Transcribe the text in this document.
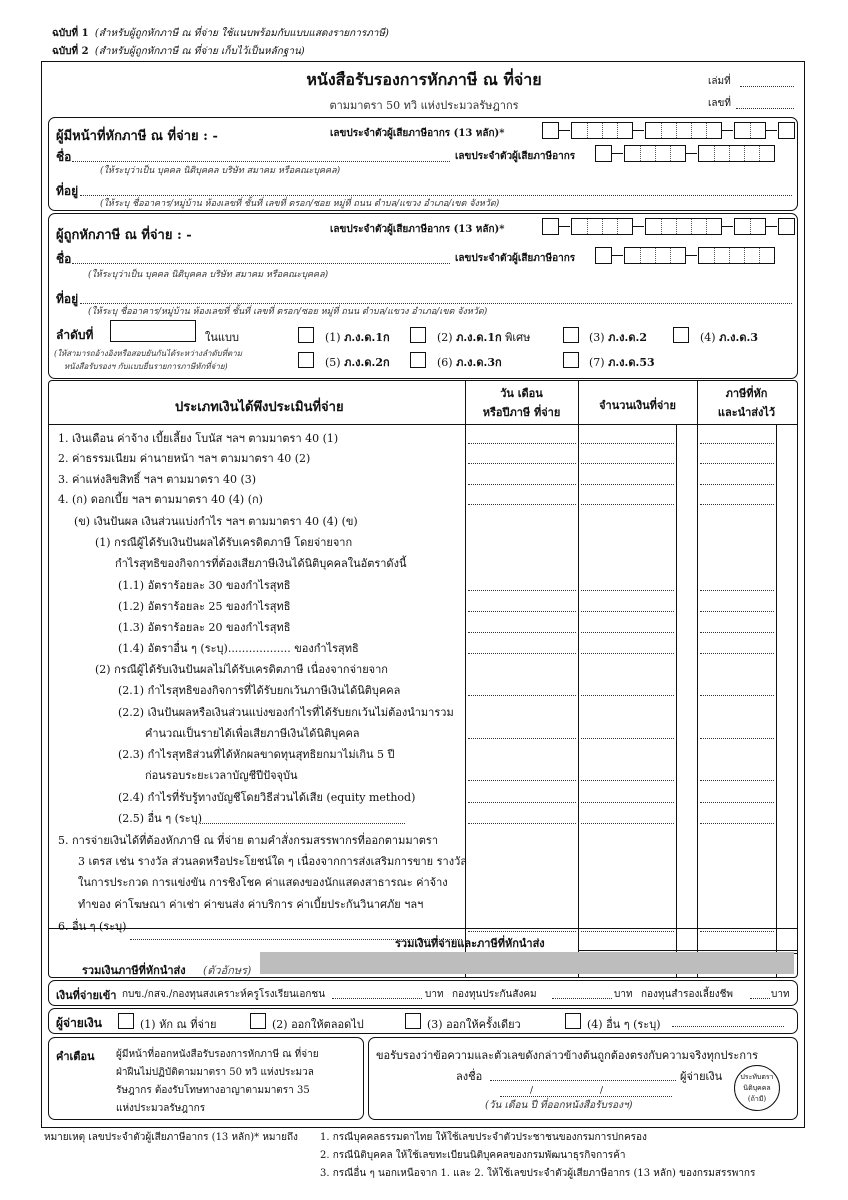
ฉบับที่ 1 (สำหรับผู้ถูกหักภาษี ณ ที่จ่าย ใช้แนบพร้อมกับแบบแสดงรายการภาษี)
ฉบับที่ 2 (สำหรับผู้ถูกหักภาษี ณ ที่จ่าย เก็บไว้เป็นหลักฐาน)
หนังสือรับรองการหักภาษี ณ ที่จ่าย
ตามมาตรา 50 ทวิ แห่งประมวลรัษฎากร
เล่มที่
เลขที่
ผู้มีหน้าที่หักภาษี ณ ที่จ่าย : -	เลขประจำตัวผู้เสียภาษีอากร (13 หลัก)*
ชื่อ	เลขประจำตัวผู้เสียภาษีอากร
(ให้ระบุว่าเป็น บุคคล นิติบุคคล บริษัท สมาคม หรือคณะบุคคล)
ที่อยู่
(ให้ระบุ ชื่ออาคาร/หมู่บ้าน ห้องเลขที่ ชั้นที่ เลขที่ ตรอก/ซอย หมู่ที่ ถนน ตำบล/แขวง อำเภอ/เขต จังหวัด)
ผู้ถูกหักภาษี ณ ที่จ่าย : -	เลขประจำตัวผู้เสียภาษีอากร (13 หลัก)*
ชื่อ	เลขประจำตัวผู้เสียภาษีอากร
(ให้ระบุว่าเป็น บุคคล นิติบุคคล บริษัท สมาคม หรือคณะบุคคล)
ที่อยู่
(ให้ระบุ ชื่ออาคาร/หมู่บ้าน ห้องเลขที่ ชั้นที่ เลขที่ ตรอก/ซอย หมู่ที่ ถนน ตำบล/แขวง อำเภอ/เขต จังหวัด)
ลำดับที่	ในแบบ
(ให้สามารถอ้างอิงหรือสอบยันกันได้ระหว่างลำดับที่ตาม
หนังสือรับรองฯ กับแบบยื่นรายการภาษีหักที่จ่าย)
(1) ภ.ง.ด.1ก	(2) ภ.ง.ด.1ก พิเศษ	(3) ภ.ง.ด.2	(4) ภ.ง.ด.3
(5) ภ.ง.ด.2ก	(6) ภ.ง.ด.3ก	(7) ภ.ง.ด.53
ประเภทเงินได้พึงประเมินที่จ่าย
วัน เดือน
หรือปีภาษี ที่จ่าย
จำนวนเงินที่จ่าย
ภาษีที่หัก
และนำส่งไว้
1. เงินเดือน ค่าจ้าง เบี้ยเลี้ยง โบนัส ฯลฯ ตามมาตรา 40 (1)
2. ค่าธรรมเนียม ค่านายหน้า ฯลฯ ตามมาตรา 40 (2)
3. ค่าแห่งลิขสิทธิ์ ฯลฯ ตามมาตรา 40 (3)
4. (ก) ดอกเบี้ย ฯลฯ ตามมาตรา 40 (4) (ก)
(ข) เงินปันผล เงินส่วนแบ่งกำไร ฯลฯ ตามมาตรา 40 (4) (ข)
(1) กรณีผู้ได้รับเงินปันผลได้รับเครดิตภาษี โดยจ่ายจาก
กำไรสุทธิของกิจการที่ต้องเสียภาษีเงินได้นิติบุคคลในอัตราดังนี้
(1.1) อัตราร้อยละ 30 ของกำไรสุทธิ
(1.2) อัตราร้อยละ 25 ของกำไรสุทธิ
(1.3) อัตราร้อยละ 20 ของกำไรสุทธิ
(1.4) อัตราอื่น ๆ (ระบุ).................. ของกำไรสุทธิ
(2) กรณีผู้ได้รับเงินปันผลไม่ได้รับเครดิตภาษี เนื่องจากจ่ายจาก
(2.1) กำไรสุทธิของกิจการที่ได้รับยกเว้นภาษีเงินได้นิติบุคคล
(2.2) เงินปันผลหรือเงินส่วนแบ่งของกำไรที่ได้รับยกเว้นไม่ต้องนำมารวม
คำนวณเป็นรายได้เพื่อเสียภาษีเงินได้นิติบุคคล
(2.3) กำไรสุทธิส่วนที่ได้หักผลขาดทุนสุทธิยกมาไม่เกิน 5 ปี
ก่อนรอบระยะเวลาบัญชีปีปัจจุบัน
(2.4) กำไรที่รับรู้ทางบัญชีโดยวิธีส่วนได้เสีย (equity method)
(2.5) อื่น ๆ (ระบุ)
5. การจ่ายเงินได้ที่ต้องหักภาษี ณ ที่จ่าย ตามคำสั่งกรมสรรพากรที่ออกตามมาตรา
3 เตรส เช่น รางวัล ส่วนลดหรือประโยชน์ใด ๆ เนื่องจากการส่งเสริมการขาย รางวัล
ในการประกวด การแข่งขัน การชิงโชค ค่าแสดงของนักแสดงสาธารณะ ค่าจ้าง
ทำของ ค่าโฆษณา ค่าเช่า ค่าขนส่ง ค่าบริการ ค่าเบี้ยประกันวินาศภัย ฯลฯ
6. อื่น ๆ (ระบุ)
รวมเงินที่จ่ายและภาษีที่หักนำส่ง
รวมเงินภาษีที่หักนำส่ง (ตัวอักษร)
เงินที่จ่ายเข้า กบข./กสจ./กองทุนสงเคราะห์ครูโรงเรียนเอกชน	บาท กองทุนประกันสังคม	บาท กองทุนสำรองเลี้ยงชีพ	บาท
ผู้จ่ายเงิน	(1) หัก ณ ที่จ่าย	(2) ออกให้ตลอดไป	(3) ออกให้ครั้งเดียว	(4) อื่น ๆ (ระบุ)
คำเตือน ผู้มีหน้าที่ออกหนังสือรับรองการหักภาษี ณ ที่จ่าย
ฝ่าฝืนไม่ปฏิบัติตามมาตรา 50 ทวิ แห่งประมวล
รัษฎากร ต้องรับโทษทางอาญาตามมาตรา 35
แห่งประมวลรัษฎากร
ขอรับรองว่าข้อความและตัวเลขดังกล่าวข้างต้นถูกต้องตรงกับความจริงทุกประการ
ลงชื่อ	ผู้จ่ายเงิน
/	/
(วัน เดือน ปี ที่ออกหนังสือรับรองฯ)
ประทับตรา
นิติบุคคล
(ถ้ามี)
หมายเหตุ เลขประจำตัวผู้เสียภาษีอากร (13 หลัก)* หมายถึง 1. กรณีบุคคลธรรมดาไทย ให้ใช้เลขประจำตัวประชาชนของกรมการปกครอง
2. กรณีนิติบุคคล ให้ใช้เลขทะเบียนนิติบุคคลของกรมพัฒนาธุรกิจการค้า
3. กรณีอื่น ๆ นอกเหนือจาก 1. และ 2. ให้ใช้เลขประจำตัวผู้เสียภาษีอากร (13 หลัก) ของกรมสรรพากร
